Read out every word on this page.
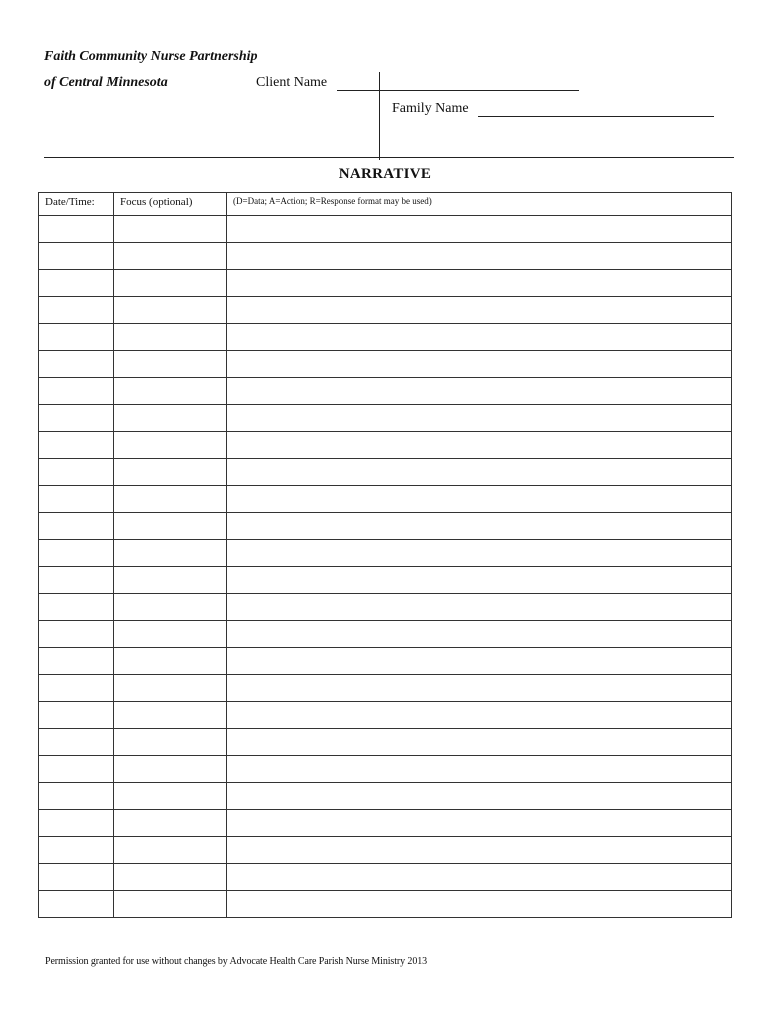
Faith Community Nurse Partnership
of Central Minnesota	Client Name
Family Name
NARRATIVE
Date/Time:	Focus (optional)	(D=Data; A=Action; R=Response format may be used)

Permission granted for use without changes by Advocate Health Care Parish Nurse Ministry 2013
